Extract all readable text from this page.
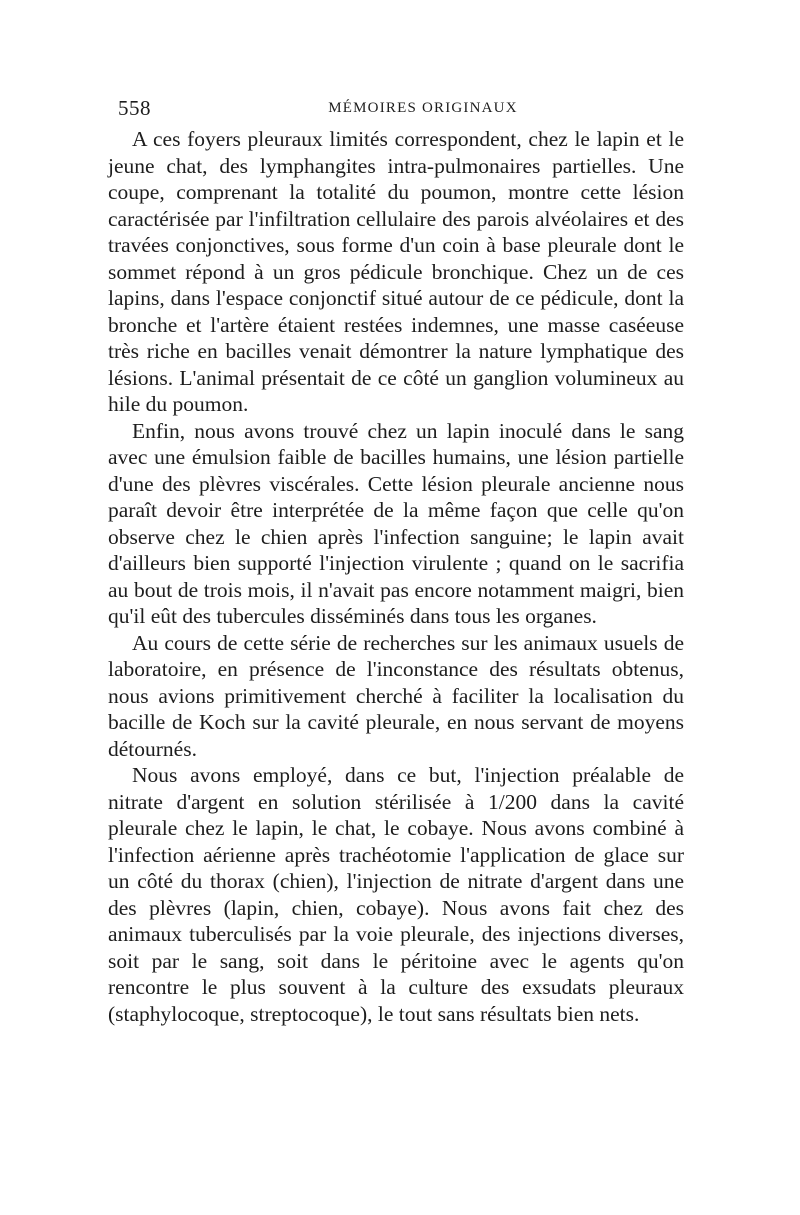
558	MÉMOIRES ORIGINAUX

A ces foyers pleuraux limités correspondent, chez le lapin et le jeune chat, des lymphangites intra-pulmonaires partielles. Une coupe, comprenant la totalité du poumon, montre cette lésion caractérisée par l'infiltration cellulaire des parois alvéolaires et des travées conjonctives, sous forme d'un coin à base pleurale dont le sommet répond à un gros pédicule bronchique. Chez un de ces lapins, dans l'espace conjonctif situé autour de ce pédicule, dont la bronche et l'artère étaient restées indemnes, une masse caséeuse très riche en bacilles venait démontrer la nature lymphatique des lésions. L'animal présentait de ce côté un ganglion volumineux au hile du poumon.

Enfin, nous avons trouvé chez un lapin inoculé dans le sang avec une émulsion faible de bacilles humains, une lésion partielle d'une des plèvres viscérales. Cette lésion pleurale ancienne nous paraît devoir être interprétée de la même façon que celle qu'on observe chez le chien après l'infection sanguine; le lapin avait d'ailleurs bien supporté l'injection virulente ; quand on le sacrifia au bout de trois mois, il n'avait pas encore notamment maigri, bien qu'il eût des tubercules disséminés dans tous les organes.

Au cours de cette série de recherches sur les animaux usuels de laboratoire, en présence de l'inconstance des résultats obtenus, nous avions primitivement cherché à faciliter la localisation du bacille de Koch sur la cavité pleurale, en nous servant de moyens détournés.

Nous avons employé, dans ce but, l'injection préalable de nitrate d'argent en solution stérilisée à 1/200 dans la cavité pleurale chez le lapin, le chat, le cobaye. Nous avons combiné à l'infection aérienne après trachéotomie l'application de glace sur un côté du thorax (chien), l'injection de nitrate d'argent dans une des plèvres (lapin, chien, cobaye). Nous avons fait chez des animaux tuberculisés par la voie pleurale, des injections diverses, soit par le sang, soit dans le péritoine avec le agents qu'on rencontre le plus souvent à la culture des exsudats pleuraux (staphylocoque, streptocoque), le tout sans résultats bien nets.
